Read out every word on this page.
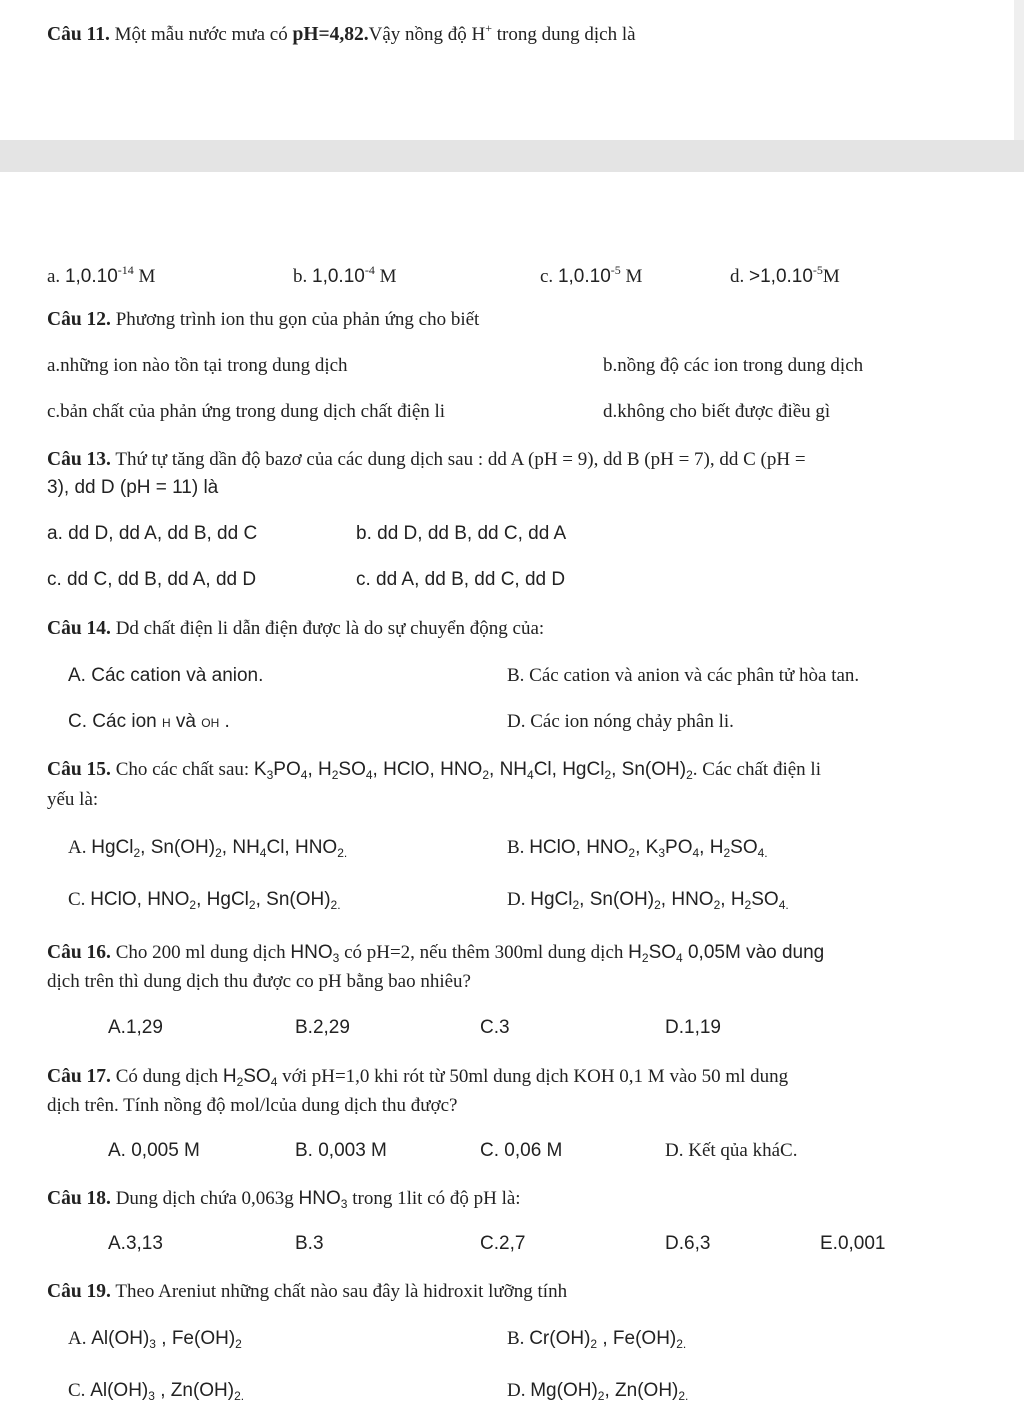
Câu 11. Một mẫu nước mưa có pH=4,82.Vậy nồng độ H+ trong dung dịch là
a. $1,0.10^{-14}$ M	b. $1,0.10^{-4}$ M	c. $1,0.10^{-5}$ M	d. $>1,0.10^{-5}M$
Câu 12. Phương trình ion thu gọn của phản ứng cho biết
a.những ion nào tồn tại trong dung dịch	b.nồng độ các ion trong dung dịch
c.bản chất của phản ứng trong dung dịch chất điện li	d.không cho biết được điều gì
Câu 13. Thứ tự tăng dần độ bazơ của các dung dịch sau : dd A (pH = 9), dd B (pH = 7), dd C (pH =
3), dd D (pH = 11) là
a. dd D, dd A, dd B, dd C	b. dd D, dd B, dd C, dd A
c. dd C, dd B, dd A, dd D	c. dd A, dd B, dd C, dd D
Câu 14. Dd chất điện li dẫn điện được là do sự chuyển động của:
A. Các cation và anion.	B. Các cation và anion và các phân tử hòa tan.
C. Các ion H và OH .	D. Các ion nóng chảy phân li.
Câu 15. Cho các chất sau: $K_3PO_4$, $H_2SO_4$, HClO, $HNO_2$, $NH_4Cl$, HgCl$_2$, $Sn(OH)_2$. Các chất điện li
yếu là:
A. HgCl$_2$, $Sn(OH)_2$, $NH_4Cl$, $HNO_{2.}$	B. HClO, $HNO_2$, $K_3PO_4$, $H_2SO_{4.}$
C. HClO, $HNO_2$, HgCl$_2$, $Sn(OH)_{2.}$	D. HgCl$_2$, $Sn(OH)_2$, $HNO_2$, $H_2SO_{4.}$
Câu 16. Cho 200 ml dung dịch $HNO_3$ có pH=2, nếu thêm 300ml dung dịch $H_2SO_4$ 0,05M vào dung
dịch trên thì dung dịch thu được co pH bằng bao nhiêu?
A.1,29	B.2,29	C.3	D.1,19
Câu 17. Có dung dịch $H_2SO_4$ với pH=1,0 khi rót từ 50ml dung dịch KOH 0,1 M vào 50 ml dung
dịch trên. Tính nồng độ mol/lcủa dung dịch thu được?
A. 0,005 M	B. 0,003 M	C. 0,06 M	D. Kết qủa kháC.
Câu 18. Dung dịch chứa 0,063g $HNO_3$ trong 1lit có độ pH là:
A.3,13	B.3	C.2,7	D.6,3	E.0,001
Câu 19. Theo Areniut những chất nào sau đây là hidroxit lưỡng tính
A. $Al(OH)_3$ , $Fe(OH)_2$	B. $Cr(OH)_2$ , $Fe(OH)_{2.}$
C. $Al(OH)_3$ , $Zn(OH)_{2.}$	D. $Mg(OH)_2$, $Zn(OH)_{2.}$
